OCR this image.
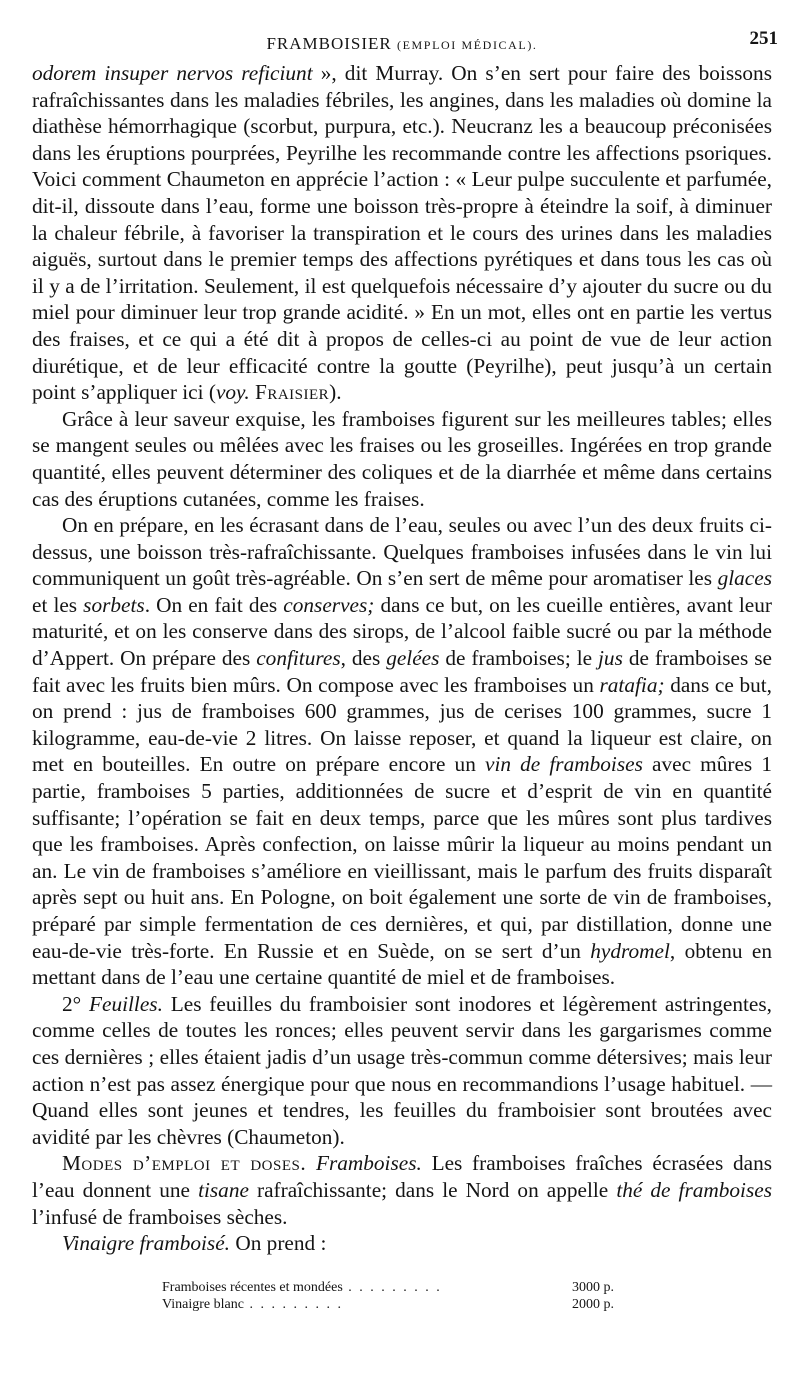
FRAMBOISIER (EMPLOI MÉDICAL).	251

odorem insuper nervos reficiunt », dit Murray. On s’en sert pour faire des boissons rafraîchissantes dans les maladies fébriles, les angines, dans les maladies où domine la diathèse hémorrhagique (scorbut, purpura, etc.). Neucranz les a beaucoup préconisées dans les éruptions pourprées, Peyrilhe les recommande contre les affections psoriques. Voici comment Chaumeton en apprécie l’action : « Leur pulpe succulente et parfumée, dit-il, dissoute dans l’eau, forme une boisson très-propre à éteindre la soif, à diminuer la chaleur fébrile, à favoriser la transpiration et le cours des urines dans les maladies aiguës, surtout dans le premier temps des affections pyrétiques et dans tous les cas où il y a de l’irritation. Seulement, il est quelquefois nécessaire d’y ajouter du sucre ou du miel pour diminuer leur trop grande acidité. » En un mot, elles ont en partie les vertus des fraises, et ce qui a été dit à propos de celles-ci au point de vue de leur action diurétique, et de leur efficacité contre la goutte (Peyrilhe), peut jusqu’à un certain point s’appliquer ici (voy. Fraisier).

Grâce à leur saveur exquise, les framboises figurent sur les meilleures tables; elles se mangent seules ou mêlées avec les fraises ou les groseilles. Ingérées en trop grande quantité, elles peuvent déterminer des coliques et de la diarrhée et même dans certains cas des éruptions cutanées, comme les fraises.

On en prépare, en les écrasant dans de l’eau, seules ou avec l’un des deux fruits ci-dessus, une boisson très-rafraîchissante. Quelques framboises infusées dans le vin lui communiquent un goût très-agréable. On s’en sert de même pour aromatiser les glaces et les sorbets. On en fait des conserves; dans ce but, on les cueille entières, avant leur maturité, et on les conserve dans des sirops, de l’alcool faible sucré ou par la méthode d’Appert. On prépare des confitures, des gelées de framboises; le jus de framboises se fait avec les fruits bien mûrs. On compose avec les framboises un ratafia; dans ce but, on prend : jus de framboises 600 grammes, jus de cerises 100 grammes, sucre 1 kilogramme, eau-de-vie 2 litres. On laisse reposer, et quand la liqueur est claire, on met en bouteilles. En outre on prépare encore un vin de framboises avec mûres 1 partie, framboises 5 parties, additionnées de sucre et d’esprit de vin en quantité suffisante; l’opération se fait en deux temps, parce que les mûres sont plus tardives que les framboises. Après confection, on laisse mûrir la liqueur au moins pendant un an. Le vin de framboises s’améliore en vieillissant, mais le parfum des fruits disparaît après sept ou huit ans. En Pologne, on boit également une sorte de vin de framboises, préparé par simple fermentation de ces dernières, et qui, par distillation, donne une eau-de-vie très-forte. En Russie et en Suède, on se sert d’un hydromel, obtenu en mettant dans de l’eau une certaine quantité de miel et de framboises.

2° Feuilles. Les feuilles du framboisier sont inodores et légèrement astringentes, comme celles de toutes les ronces; elles peuvent servir dans les gargarismes comme ces dernières ; elles étaient jadis d’un usage très-commun comme détersives; mais leur action n’est pas assez énergique pour que nous en recommandions l’usage habituel. — Quand elles sont jeunes et tendres, les feuilles du framboisier sont broutées avec avidité par les chèvres (Chaumeton).

Modes d’emploi et doses. Framboises. Les framboises fraîches écrasées dans l’eau donnent une tisane rafraîchissante; dans le Nord on appelle thé de framboises l’infusé de framboises sèches.

Vinaigre framboisé. On prend :

Framboises récentes et mondées . . .	3000 p.
Vinaigre blanc . . .	2000 p.
